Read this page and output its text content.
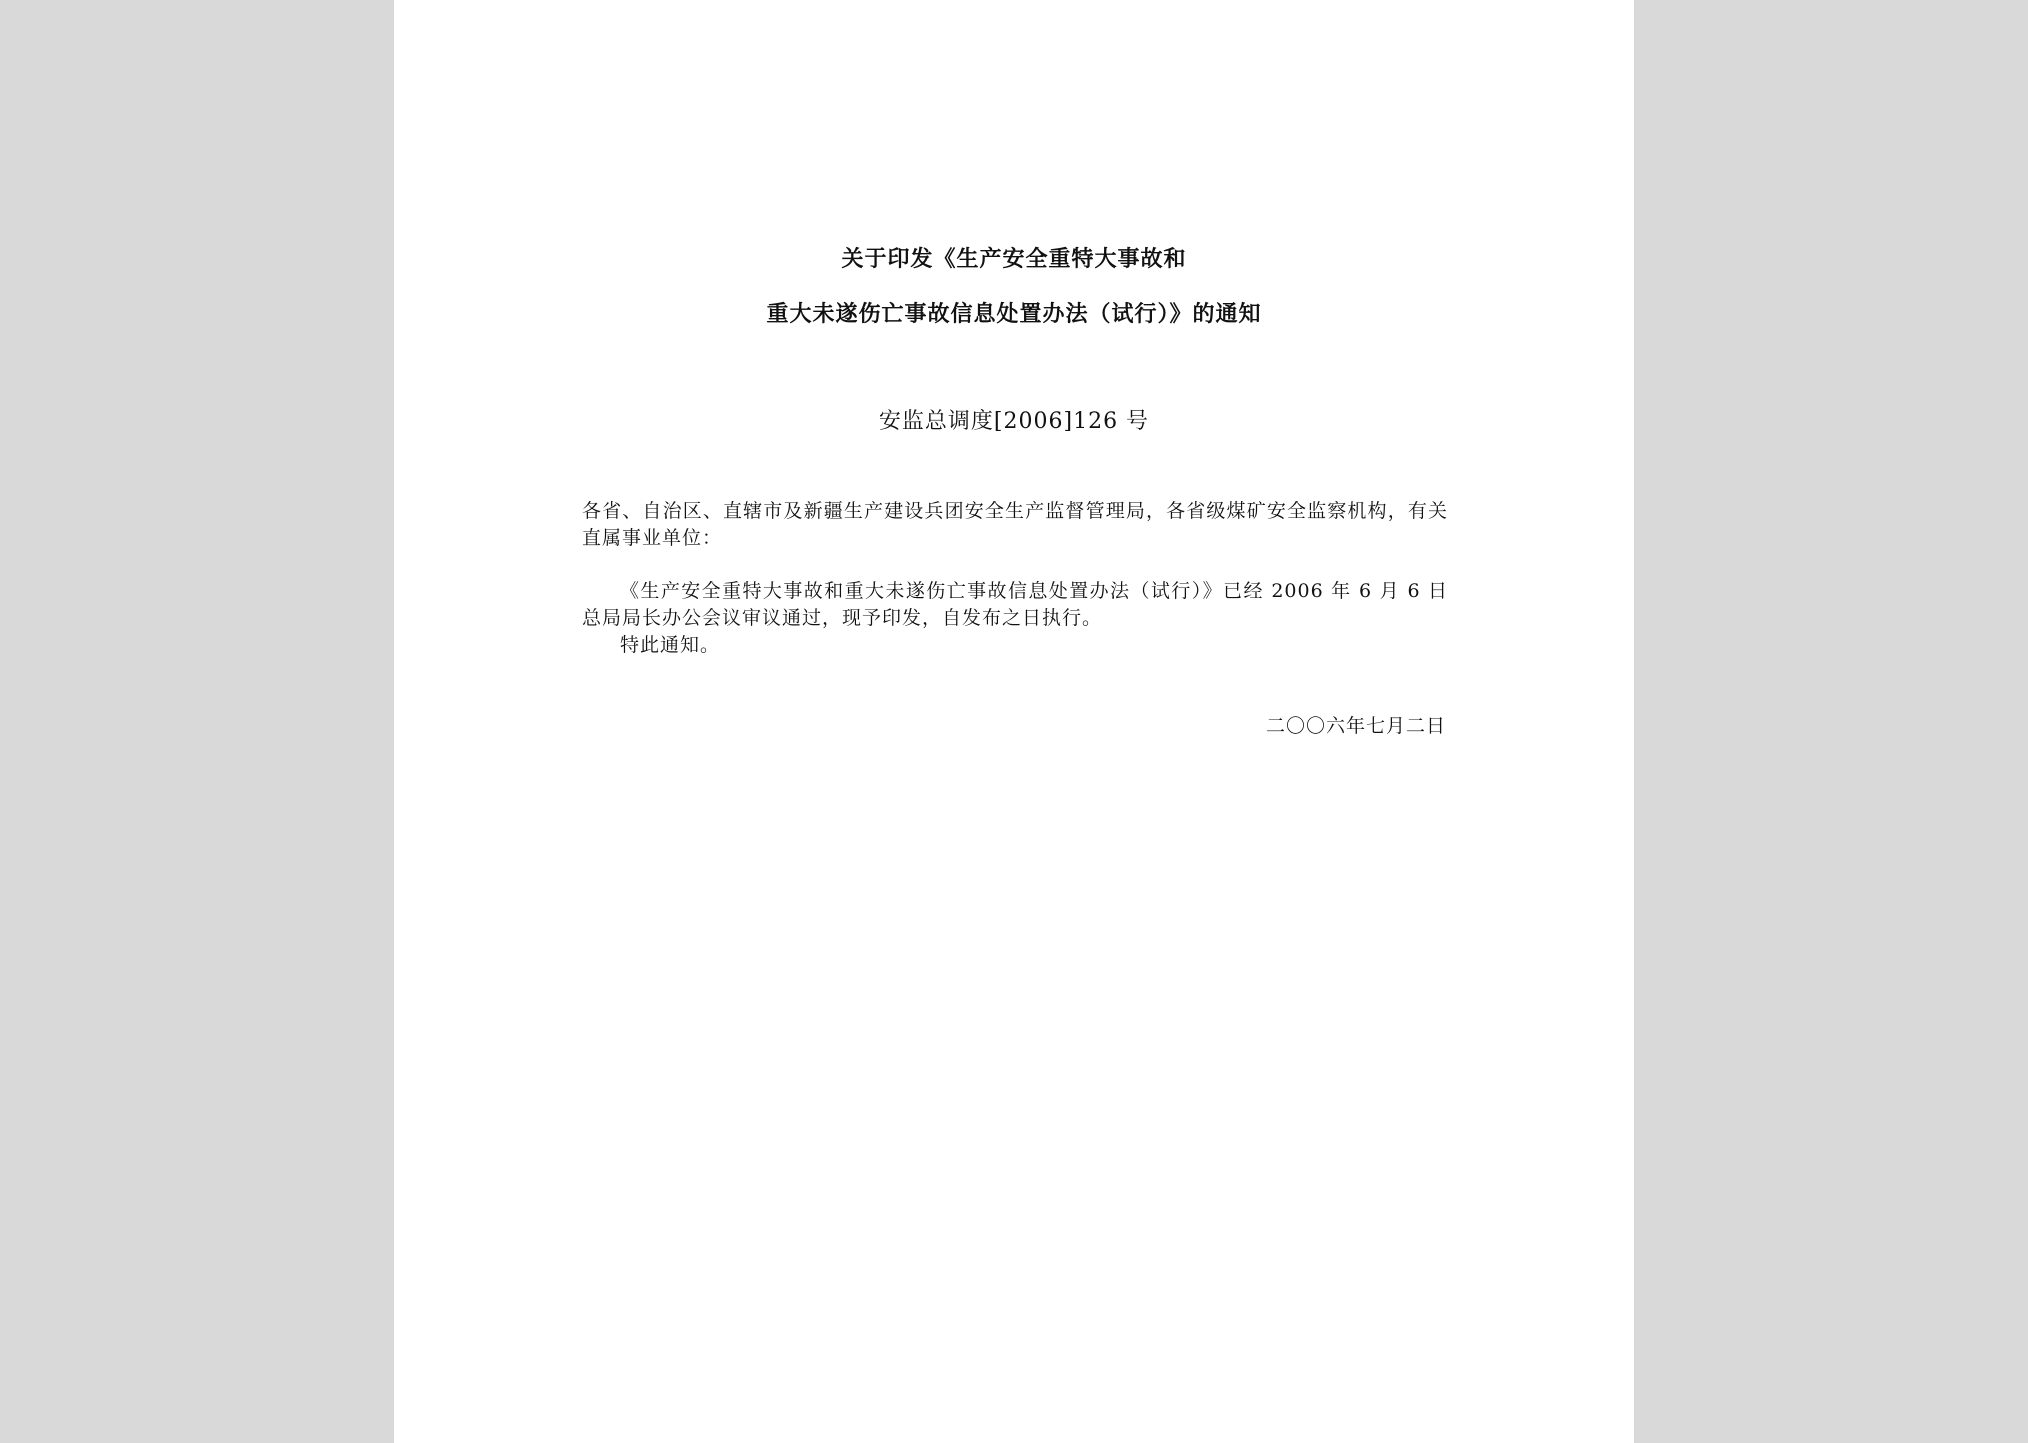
关于印发《生产安全重特大事故和
重大未遂伤亡事故信息处置办法（试行）》的通知
安监总调度[2006]126 号
各省、自治区、直辖市及新疆生产建设兵团安全生产监督管理局，各省级煤矿安全监察机构，有关直属事业单位：
《生产安全重特大事故和重大未遂伤亡事故信息处置办法（试行）》已经 2006 年 6 月 6 日总局局长办公会议审议通过，现予印发，自发布之日执行。
特此通知。
二〇〇六年七月二日
